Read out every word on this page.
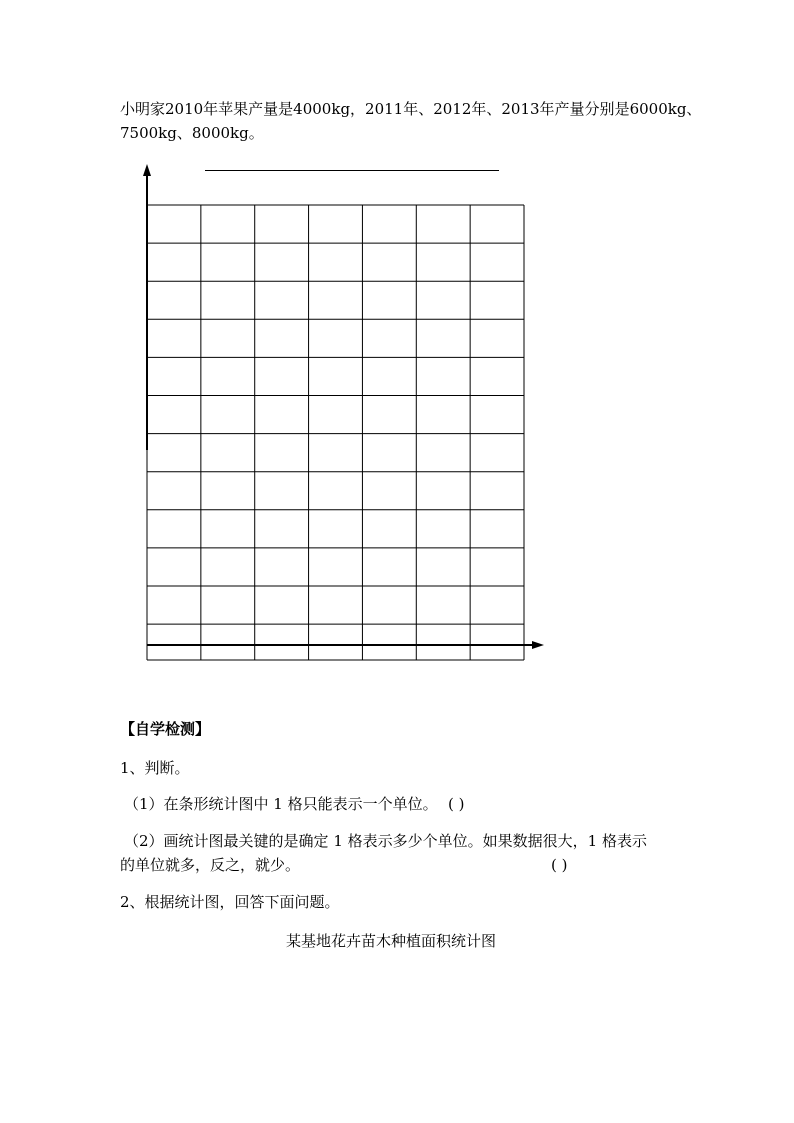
小明家2010年苹果产量是4000kg，2011年、2012年、2013年产量分别是6000kg、
7500kg、8000kg。
【自学检测】
1、判断。
（1）在条形统计图中 1 格只能表示一个单位。 ( )
（2）画统计图最关键的是确定 1 格表示多少个单位。如果数据很大，1 格表示
的单位就多，反之，就少。	( )
2、根据统计图，回答下面问题。
某基地花卉苗木种植面积统计图
